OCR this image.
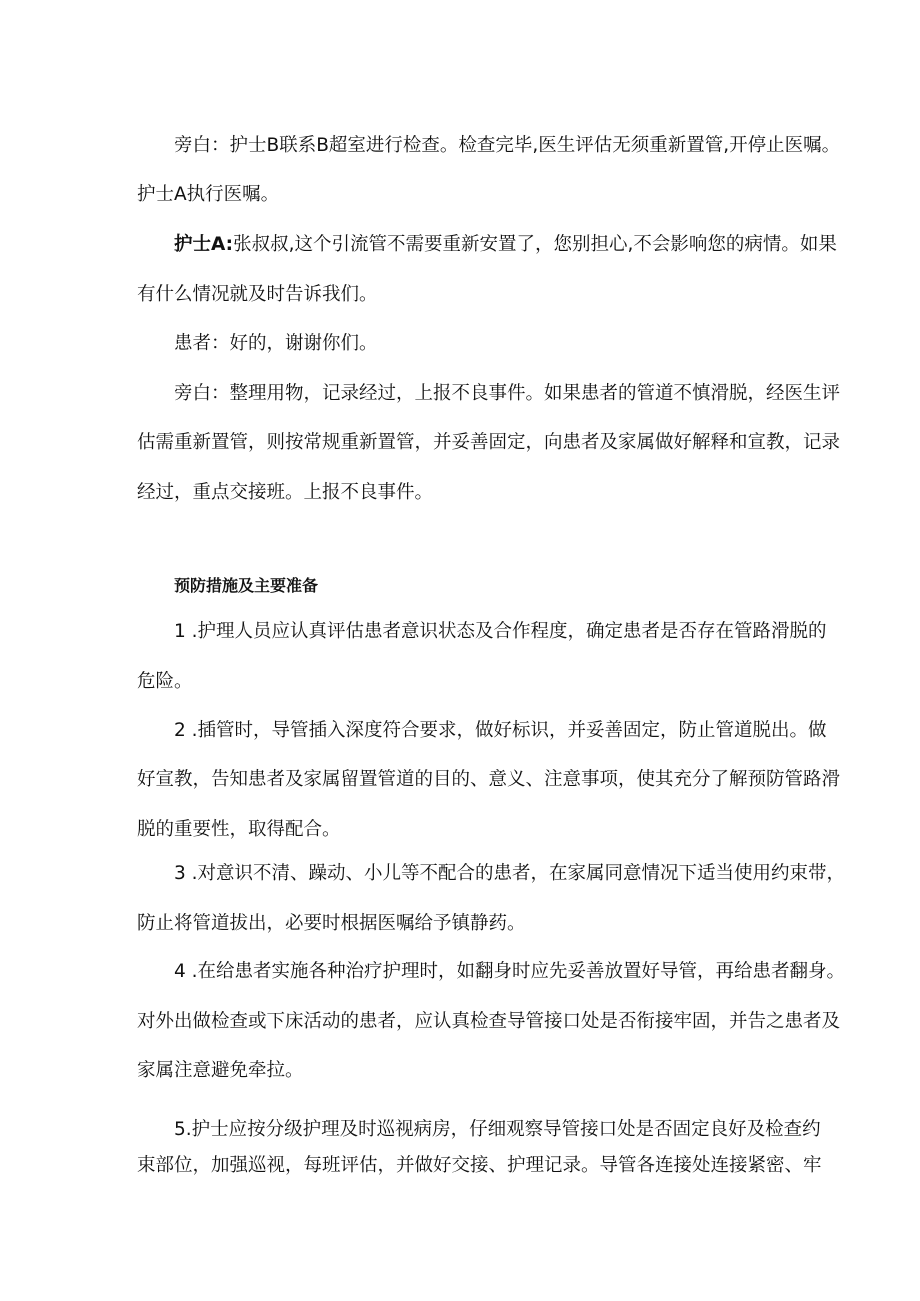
旁白：护士B联系B超室进行检查。检查完毕,医生评估无须重新置管,开停止医嘱。
护士A执行医嘱。
护士A:张叔叔,这个引流管不需要重新安置了，您别担心,不会影响您的病情。如果
有什么情况就及时告诉我们。
患者：好的，谢谢你们。
旁白：整理用物，记录经过，上报不良事件。如果患者的管道不慎滑脱，经医生评
估需重新置管，则按常规重新置管，并妥善固定，向患者及家属做好解释和宣教，记录
经过，重点交接班。上报不良事件。
预防措施及主要准备
1 .护理人员应认真评估患者意识状态及合作程度，确定患者是否存在管路滑脱的
危险。
2 .插管时，导管插入深度符合要求，做好标识，并妥善固定，防止管道脱出。做
好宣教，告知患者及家属留置管道的目的、意义、注意事项，使其充分了解预防管路滑
脱的重要性，取得配合。
3 .对意识不清、躁动、小儿等不配合的患者，在家属同意情况下适当使用约束带，
防止将管道拔出，必要时根据医嘱给予镇静药。
4 .在给患者实施各种治疗护理时，如翻身时应先妥善放置好导管，再给患者翻身。
对外出做检查或下床活动的患者，应认真检查导管接口处是否衔接牢固，并告之患者及
家属注意避免牵拉。
5.护士应按分级护理及时巡视病房，仔细观察导管接口处是否固定良好及检查约
束部位，加强巡视，每班评估，并做好交接、护理记录。导管各连接处连接紧密、牢
